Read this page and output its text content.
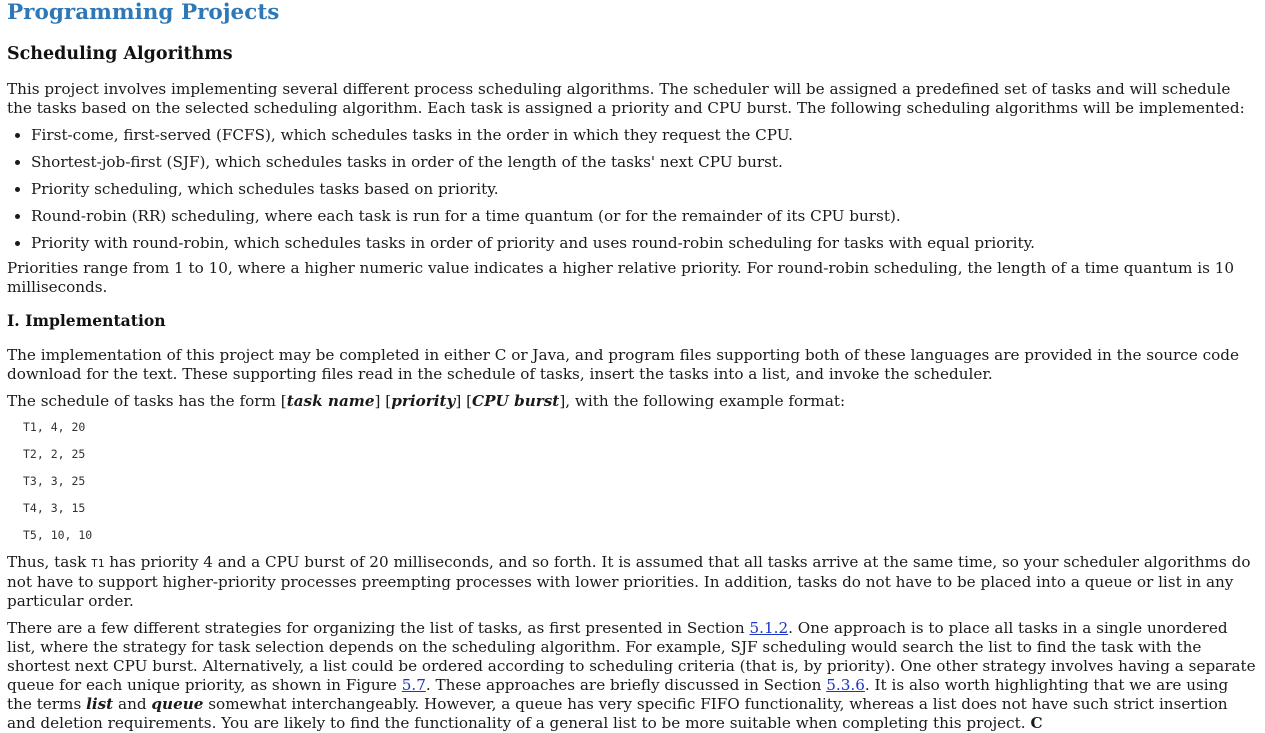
Programming Projects
Scheduling Algorithms

This project involves implementing several different process scheduling algorithms. The scheduler will be assigned a predefined set of tasks and will schedule the tasks based on the selected scheduling algorithm. Each task is assigned a priority and CPU burst. The following scheduling algorithms will be implemented:

First-come, first-served (FCFS), which schedules tasks in the order in which they request the CPU.
Shortest-job-first (SJF), which schedules tasks in order of the length of the tasks' next CPU burst.
Priority scheduling, which schedules tasks based on priority.
Round-robin (RR) scheduling, where each task is run for a time quantum (or for the remainder of its CPU burst).
Priority with round-robin, which schedules tasks in order of priority and uses round-robin scheduling for tasks with equal priority.

Priorities range from 1 to 10, where a higher numeric value indicates a higher relative priority. For round-robin scheduling, the length of a time quantum is 10 milliseconds.

I. Implementation

The implementation of this project may be completed in either C or Java, and program files supporting both of these languages are provided in the source code download for the text. These supporting files read in the schedule of tasks, insert the tasks into a list, and invoke the scheduler.

The schedule of tasks has the form [task name] [priority] [CPU burst], with the following example format:

T1, 4, 20
T2, 2, 25
T3, 3, 25
T4, 3, 15
T5, 10, 10

Thus, task T1 has priority 4 and a CPU burst of 20 milliseconds, and so forth. It is assumed that all tasks arrive at the same time, so your scheduler algorithms do not have to support higher-priority processes preempting processes with lower priorities. In addition, tasks do not have to be placed into a queue or list in any particular order.

There are a few different strategies for organizing the list of tasks, as first presented in Section 5.1.2. One approach is to place all tasks in a single unordered list, where the strategy for task selection depends on the scheduling algorithm. For example, SJF scheduling would search the list to find the task with the shortest next CPU burst. Alternatively, a list could be ordered according to scheduling criteria (that is, by priority). One other strategy involves having a separate queue for each unique priority, as shown in Figure 5.7. These approaches are briefly discussed in Section 5.3.6. It is also worth highlighting that we are using the terms list and queue somewhat interchangeably. However, a queue has very specific FIFO functionality, whereas a list does not have such strict insertion and deletion requirements. You are likely to find the functionality of a general list to be more suitable when completing this project. C
